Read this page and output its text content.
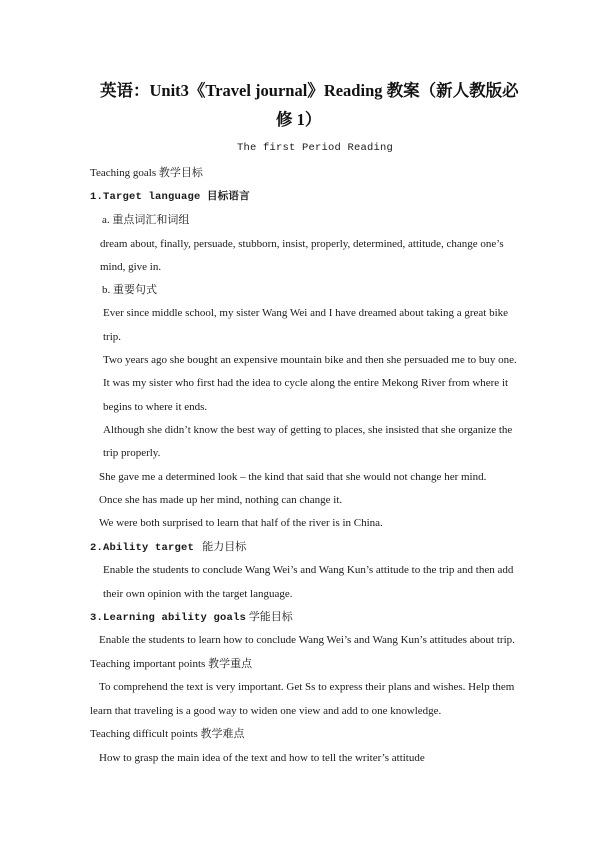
英语：Unit3《Travel journal》Reading 教案（新人教版必
修 1）
The first Period Reading
Teaching goals 教学目标
1.Target language 目标语言
a. 重点词汇和词组
dream about, finally, persuade, stubborn, insist, properly, determined, attitude, change one’s
mind, give in.
b. 重要句式
Ever since middle school, my sister Wang Wei and I have dreamed about taking a great bike
trip.
Two years ago she bought an expensive mountain bike and then she persuaded me to buy one.
It was my sister who first had the idea to cycle along the entire Mekong River from where it
begins to where it ends.
Although she didn’t know the best way of getting to places, she insisted that she organize the
trip properly.
She gave me a determined look – the kind that said that she would not change her mind.
Once she has made up her mind, nothing can change it.
We were both surprised to learn that half of the river is in China.
2.Ability target 能力目标
Enable the students to conclude Wang Wei’s and Wang Kun’s attitude to the trip and then add
their own opinion with the target language.
3.Learning ability goals 学能目标
Enable the students to learn how to conclude Wang Wei’s and Wang Kun’s attitudes about trip.
Teaching important points 教学重点
To comprehend the text is very important. Get Ss to express their plans and wishes. Help them
learn that traveling is a good way to widen one view and add to one knowledge.
Teaching difficult points 教学难点
How to grasp the main idea of the text and how to tell the writer’s attitude
